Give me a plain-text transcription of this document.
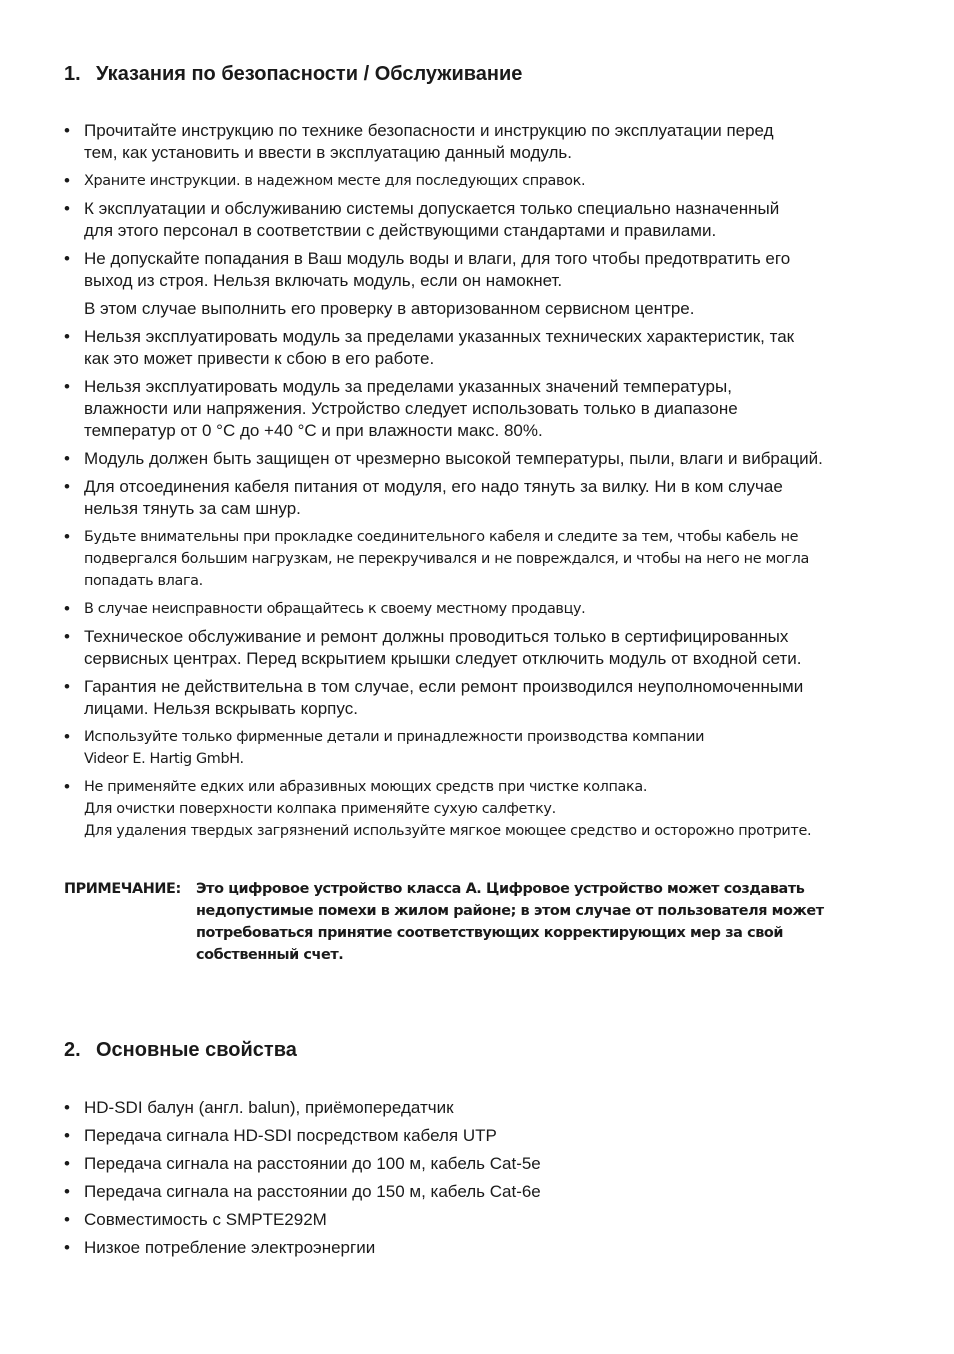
1. Указания по безопасности / Обслуживание
• Прочитайте инструкцию по технике безопасности и инструкцию по эксплуатации перед
тем, как установить и ввести в эксплуатацию данный модуль.
• Храните инструкции. в надежном месте для последующих справок.
• К эксплуатации и обслуживанию системы допускается только специально назначенный
для этого персонал в соответствии с действующими стандартами и правилами.
• Не допускайте попадания в Ваш модуль воды и влаги, для того чтобы предотвратить его
выход из строя. Нельзя включать модуль, если он намокнет.
В этом случае выполнить его проверку в авторизованном сервисном центре.
• Нельзя эксплуатировать модуль за пределами указанных технических характеристик, так
как это может привести к сбою в его работе.
• Нельзя эксплуатировать модуль за пределами указанных значений температуры,
влажности или напряжения. Устройство следует использовать только в диапазоне
температур от 0 °C до +40 °C и при влажности макс. 80%.
• Модуль должен быть защищен от чрезмерно высокой температуры, пыли, влаги и вибраций.
• Для отсоединения кабеля питания от модуля, его надо тянуть за вилку. Ни в ком случае
нельзя тянуть за сам шнур.
• Будьте внимательны при прокладке соединительного кабеля и следите за тем, чтобы кабель не
подвергался большим нагрузкам, не перекручивался и не повреждался, и чтобы на него не могла
попадать влага.
• В случае неисправности обращайтесь к своему местному продавцу.
• Техническое обслуживание и ремонт должны проводиться только в сертифицированных
сервисных центрах. Перед вскрытием крышки следует отключить модуль от входной сети.
• Гарантия не действительна в том случае, если ремонт производился неуполномоченными
лицами. Нельзя вскрывать корпус.
• Используйте только фирменные детали и принадлежности производства компании
Videor E. Hartig GmbH.
• Не применяйте едких или абразивных моющих средств при чистке колпака.
Для очистки поверхности колпака применяйте сухую салфетку.
Для удаления твердых загрязнений используйте мягкое моющее средство и осторожно протрите.
ПРИМЕЧАНИЕ: Это цифровое устройство класса А. Цифровое устройство может создавать
недопустимые помехи в жилом районе; в этом случае от пользователя может
потребоваться принятие соответствующих корректирующих мер за свой
собственный счет.
2. Основные свойства
• HD-SDI балун (англ. balun), приёмопередатчик
• Передача сигнала HD-SDI посредством кабеля UTP
• Передача сигнала на расстоянии до 100 м, кабель Cat-5e
• Передача сигнала на расстоянии до 150 м, кабель Cat-6e
• Совместимость с SMPTE292M
• Низкое потребление электроэнергии
